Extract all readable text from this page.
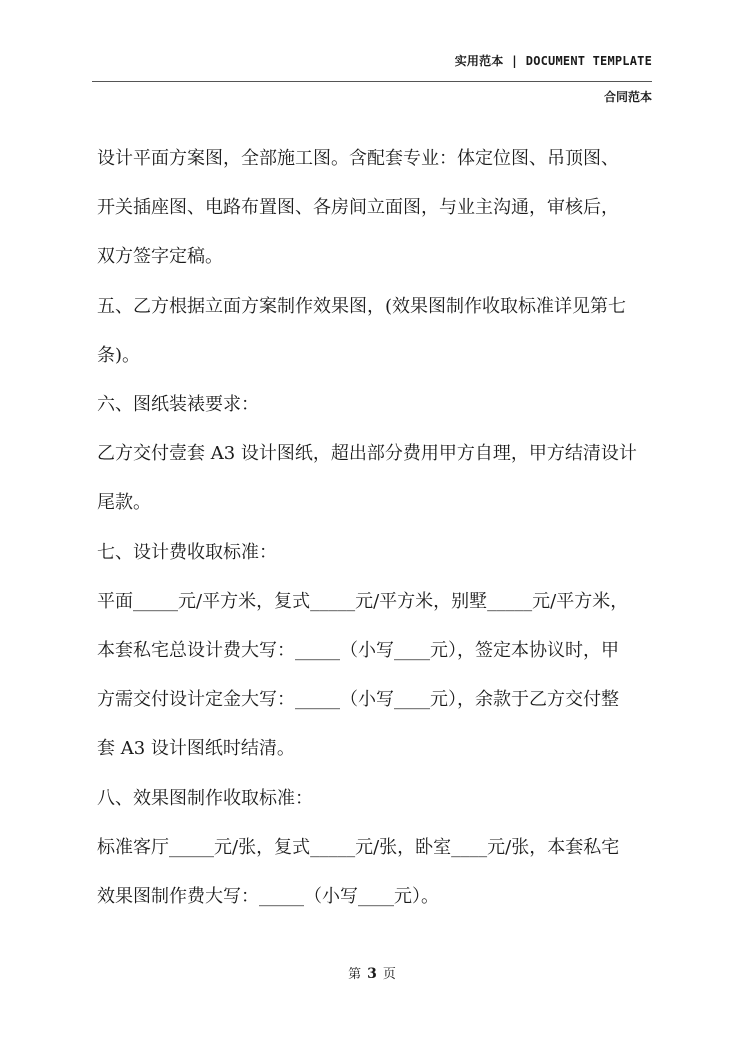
实用范本 | DOCUMENT TEMPLATE
合同范本

设计平面方案图，全部施工图。含配套专业：体定位图、吊顶图、

开关插座图、电路布置图、各房间立面图，与业主沟通，审核后，

双方签字定稿。

五、乙方根据立面方案制作效果图，(效果图制作收取标准详见第七

条)。

六、图纸装裱要求：

乙方交付壹套 A3 设计图纸，超出部分费用甲方自理，甲方结清设计

尾款。

七、设计费收取标准：

平面_____元/平方米，复式_____元/平方米，别墅_____元/平方米，

本套私宅总设计费大写：_____（小写____元），签定本协议时，甲

方需交付设计定金大写：_____（小写____元），余款于乙方交付整

套 A3 设计图纸时结清。

八、效果图制作收取标准：

标准客厅_____元/张，复式_____元/张，卧室____元/张，本套私宅

效果图制作费大写：_____（小写____元）。

第 3 页
